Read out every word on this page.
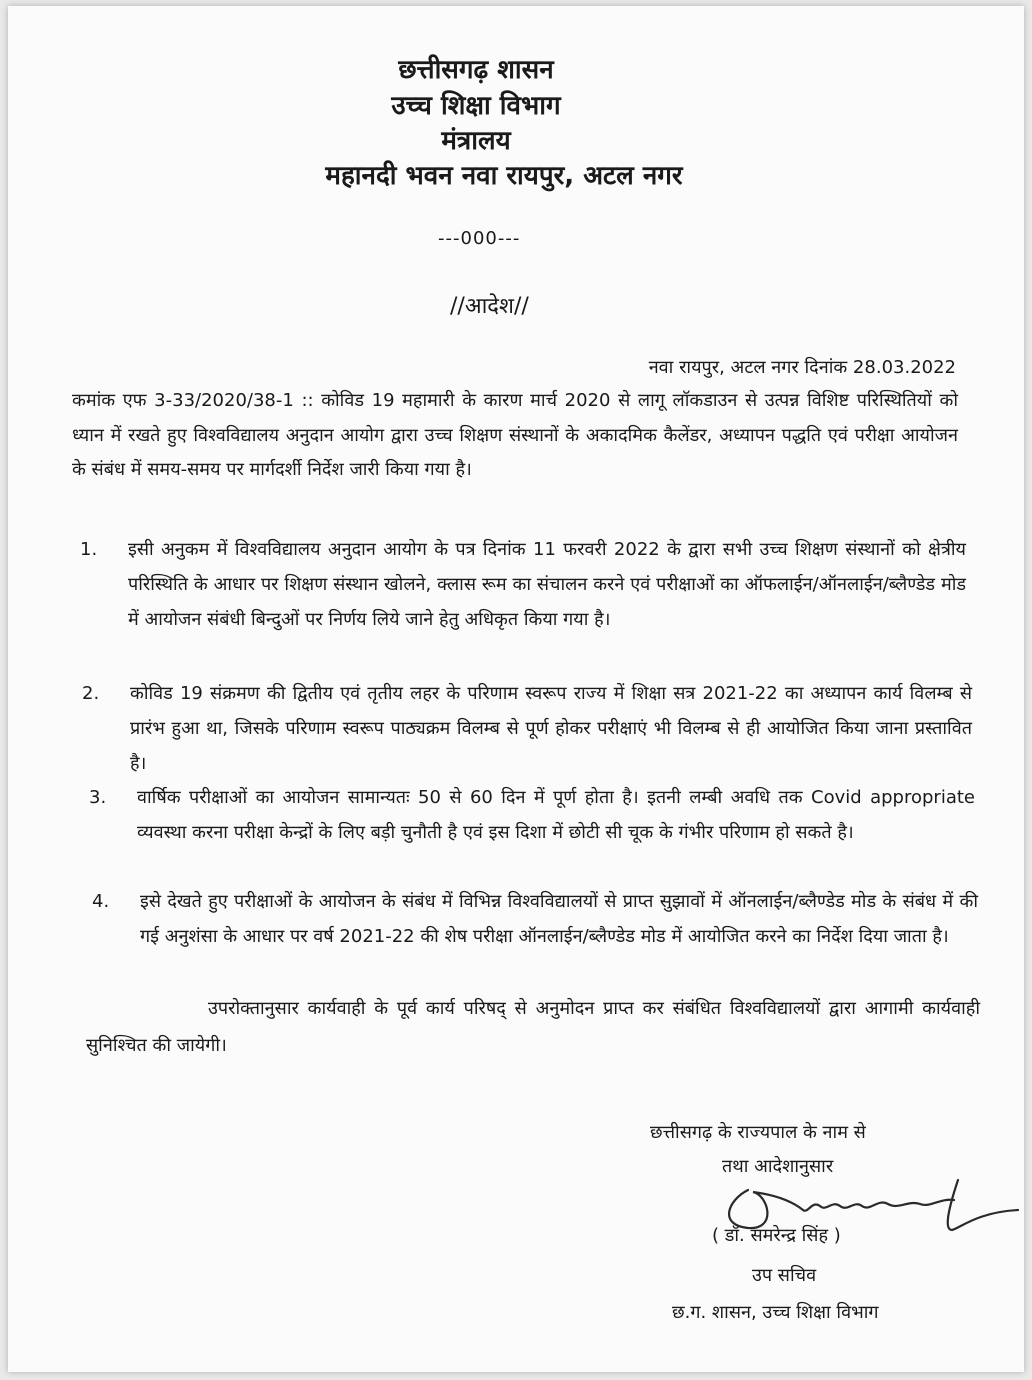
छत्तीसगढ़ शासन
उच्च शिक्षा विभाग
मंत्रालय
महानदी भवन नवा रायपुर, अटल नगर
---000---
//आदेश//
नवा रायपुर, अटल नगर दिनांक 28.03.2022
कमांक एफ 3-33/2020/38-1 :: कोविड 19 महामारी के कारण मार्च 2020 से लागू लॉकडाउन से उत्पन्न विशिष्ट परिस्थितियों को ध्यान में रखते हुए विश्वविद्यालय अनुदान आयोग द्वारा उच्च शिक्षण संस्थानों के अकादमिक कैलेंडर, अध्यापन पद्धति एवं परीक्षा आयोजन के संबंध में समय-समय पर मार्गदर्शी निर्देश जारी किया गया है।
1. इसी अनुकम में विश्वविद्यालय अनुदान आयोग के पत्र दिनांक 11 फरवरी 2022 के द्वारा सभी उच्च शिक्षण संस्थानों को क्षेत्रीय परिस्थिति के आधार पर शिक्षण संस्थान खोलने, क्लास रूम का संचालन करने एवं परीक्षाओं का ऑफलाईन/ऑनलाईन/ब्लैण्डेड मोड में आयोजन संबंधी बिन्दुओं पर निर्णय लिये जाने हेतु अधिकृत किया गया है।
2. कोविड 19 संक्रमण की द्वितीय एवं तृतीय लहर के परिणाम स्वरूप राज्य में शिक्षा सत्र 2021-22 का अध्यापन कार्य विलम्ब से प्रारंभ हुआ था, जिसके परिणाम स्वरूप पाठ्यक्रम विलम्ब से पूर्ण होकर परीक्षाएं भी विलम्ब से ही आयोजित किया जाना प्रस्तावित है।
3. वार्षिक परीक्षाओं का आयोजन सामान्यतः 50 से 60 दिन में पूर्ण होता है। इतनी लम्बी अवधि तक Covid appropriate व्यवस्था करना परीक्षा केन्द्रों के लिए बड़ी चुनौती है एवं इस दिशा में छोटी सी चूक के गंभीर परिणाम हो सकते है।
4. इसे देखते हुए परीक्षाओं के आयोजन के संबंध में विभिन्न विश्वविद्यालयों से प्राप्त सुझावों में ऑनलाईन/ब्लैण्डेड मोड के संबंध में की गई अनुशंसा के आधार पर वर्ष 2021-22 की शेष परीक्षा ऑनलाईन/ब्लैण्डेड मोड में आयोजित करने का निर्देश दिया जाता है।
उपरोक्तानुसार कार्यवाही के पूर्व कार्य परिषद् से अनुमोदन प्राप्त कर संबंधित विश्वविद्यालयों द्वारा आगामी कार्यवाही सुनिश्चित की जायेगी।
छत्तीसगढ़ के राज्यपाल के नाम से
तथा आदेशानुसार
( डॉ. समरेन्द्र सिंह )
उप सचिव
छ.ग. शासन, उच्च शिक्षा विभाग
